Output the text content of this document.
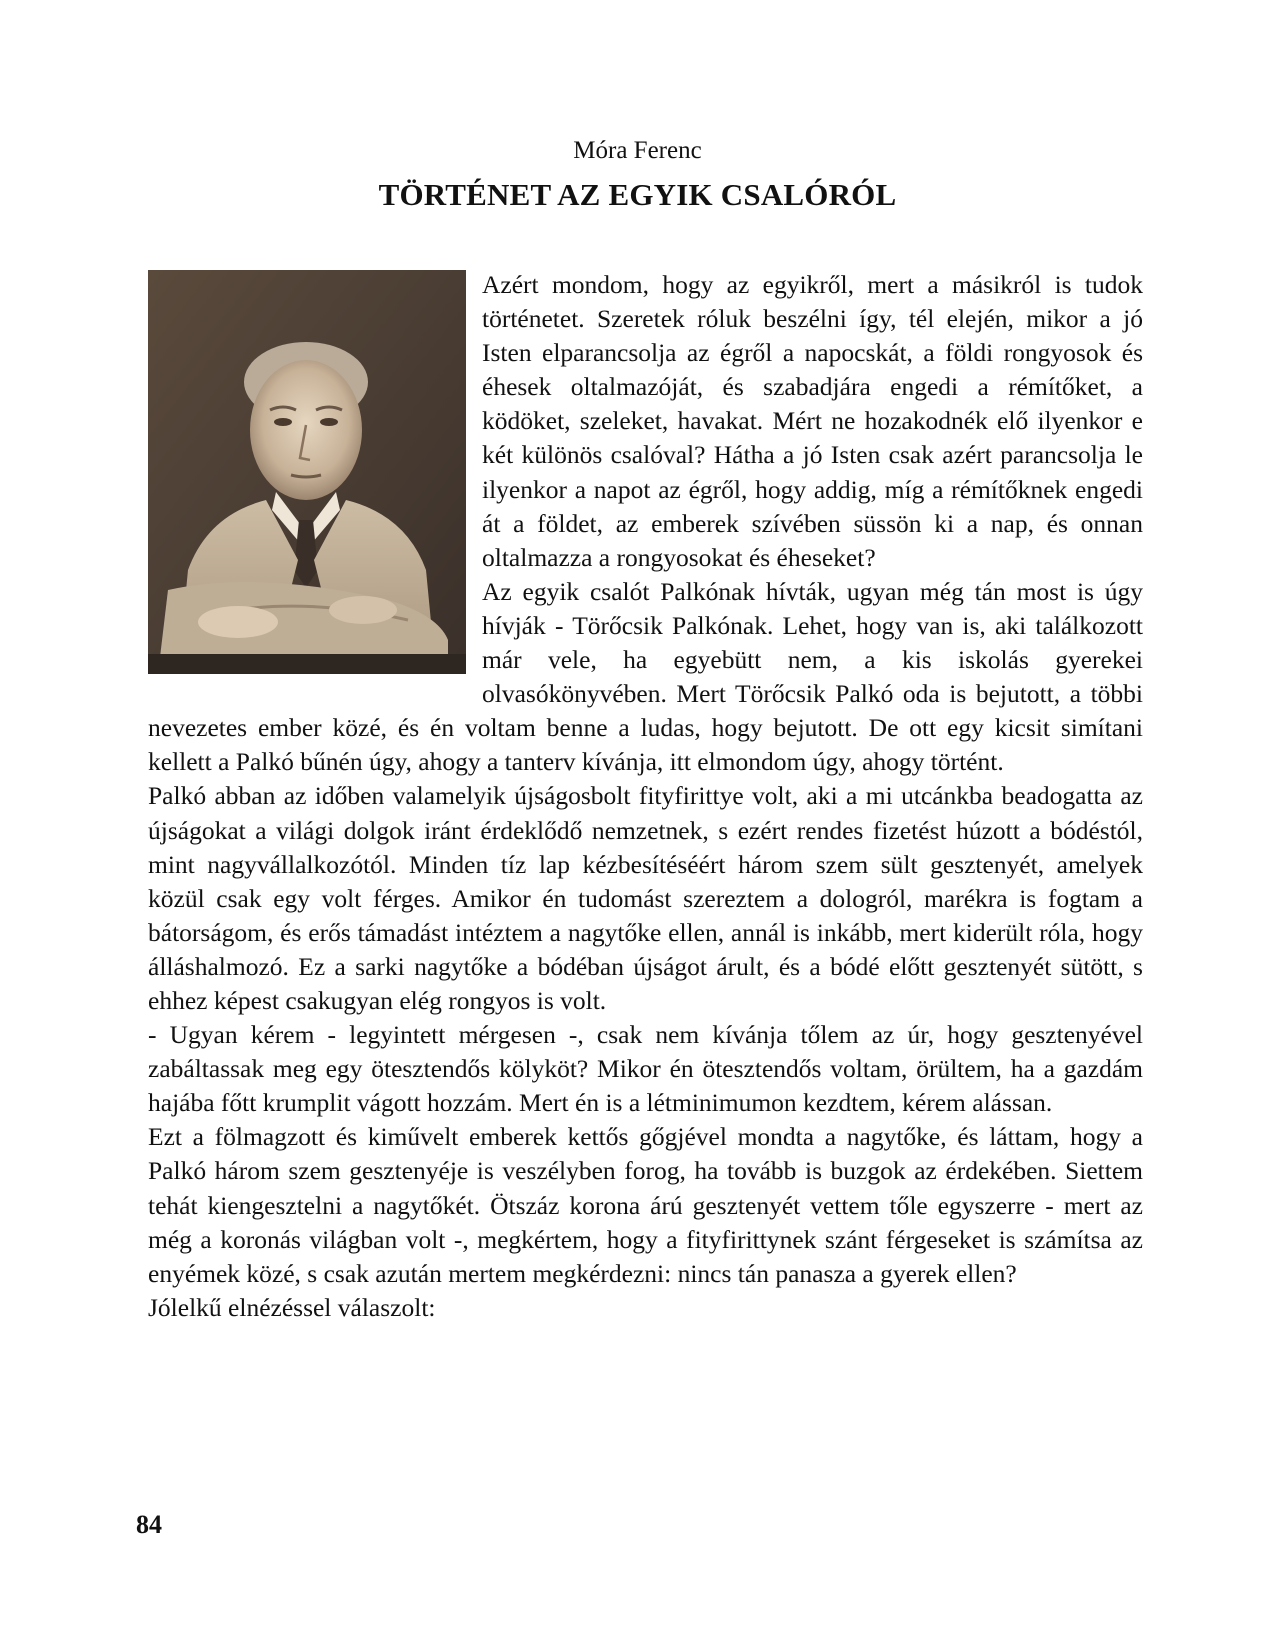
Móra Ferenc
TÖRTÉNET AZ EGYIK CSALÓRÓL

Azért mondom, hogy az egyikről, mert a másikról is tudok történetet. Szeretek róluk beszélni így, tél elején, mikor a jó Isten elparancsolja az égről a napocskát, a földi rongyosok és éhesek oltalmazóját, és szabadjára engedi a rémítőket, a ködöket, szeleket, havakat. Mért ne hozakodnék elő ilyenkor e két különös csalóval? Hátha a jó Isten csak azért parancsolja le ilyenkor a napot az égről, hogy addig, míg a rémítőknek engedi át a földet, az emberek szívében süssön ki a nap, és onnan oltalmazza a rongyosokat és éheseket?

Az egyik csalót Palkónak hívták, ugyan még tán most is úgy hívják - Törőcsik Palkónak. Lehet, hogy van is, aki találkozott már vele, ha egyebütt nem, a kis iskolás gyerekei olvasókönyvében. Mert Törőcsik Palkó oda is bejutott, a többi nevezetes ember közé, és én voltam benne a ludas, hogy bejutott. De ott egy kicsit simítani kellett a Palkó bűnén úgy, ahogy a tanterv kívánja, itt elmondom úgy, ahogy történt.

Palkó abban az időben valamelyik újságosbolt fityfirittye volt, aki a mi utcánkba beadogatta az újságokat a világi dolgok iránt érdeklődő nemzetnek, s ezért rendes fizetést húzott a bódéstól, mint nagyvállalkozótól. Minden tíz lap kézbesítéséért három szem sült gesztenyét, amelyek közül csak egy volt férges. Amikor én tudomást szereztem a dologról, marékra is fogtam a bátorságom, és erős támadást intéztem a nagytőke ellen, annál is inkább, mert kiderült róla, hogy álláshalmozó. Ez a sarki nagytőke a bódéban újságot árult, és a bódé előtt gesztenyét sütött, s ehhez képest csakugyan elég rongyos is volt.

- Ugyan kérem - legyintett mérgesen -, csak nem kívánja tőlem az úr, hogy gesztenyével zabáltassak meg egy ötesztendős kölyköt? Mikor én ötesztendős voltam, örültem, ha a gazdám hajába főtt krumplit vágott hozzám. Mert én is a létminimumon kezdtem, kérem alássan.

Ezt a fölmagzott és kiművelt emberek kettős gőgjével mondta a nagytőke, és láttam, hogy a Palkó három szem gesztenyéje is veszélyben forog, ha tovább is buzgok az érdekében. Siettem tehát kiengesztelni a nagytőkét. Ötszáz korona árú gesztenyét vettem tőle egyszerre - mert az még a koronás világban volt -, megkértem, hogy a fityfirittynek szánt férgeseket is számítsa az enyémek közé, s csak azután mertem megkérdezni: nincs tán panasza a gyerek ellen?

Jólelkű elnézéssel válaszolt:

84
